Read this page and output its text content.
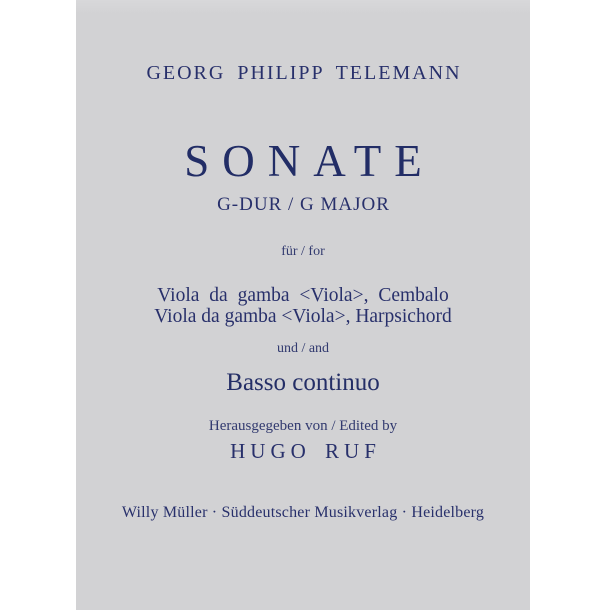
GEORG PHILIPP TELEMANN
SONATE
G-DUR / G MAJOR
für / for
Viola da gamba <Viola>, Cembalo
Viola da gamba <Viola>, Harpsichord
und / and
Basso continuo
Herausgegeben von / Edited by
HUGO RUF
Willy Müller · Süddeutscher Musikverlag · Heidelberg
